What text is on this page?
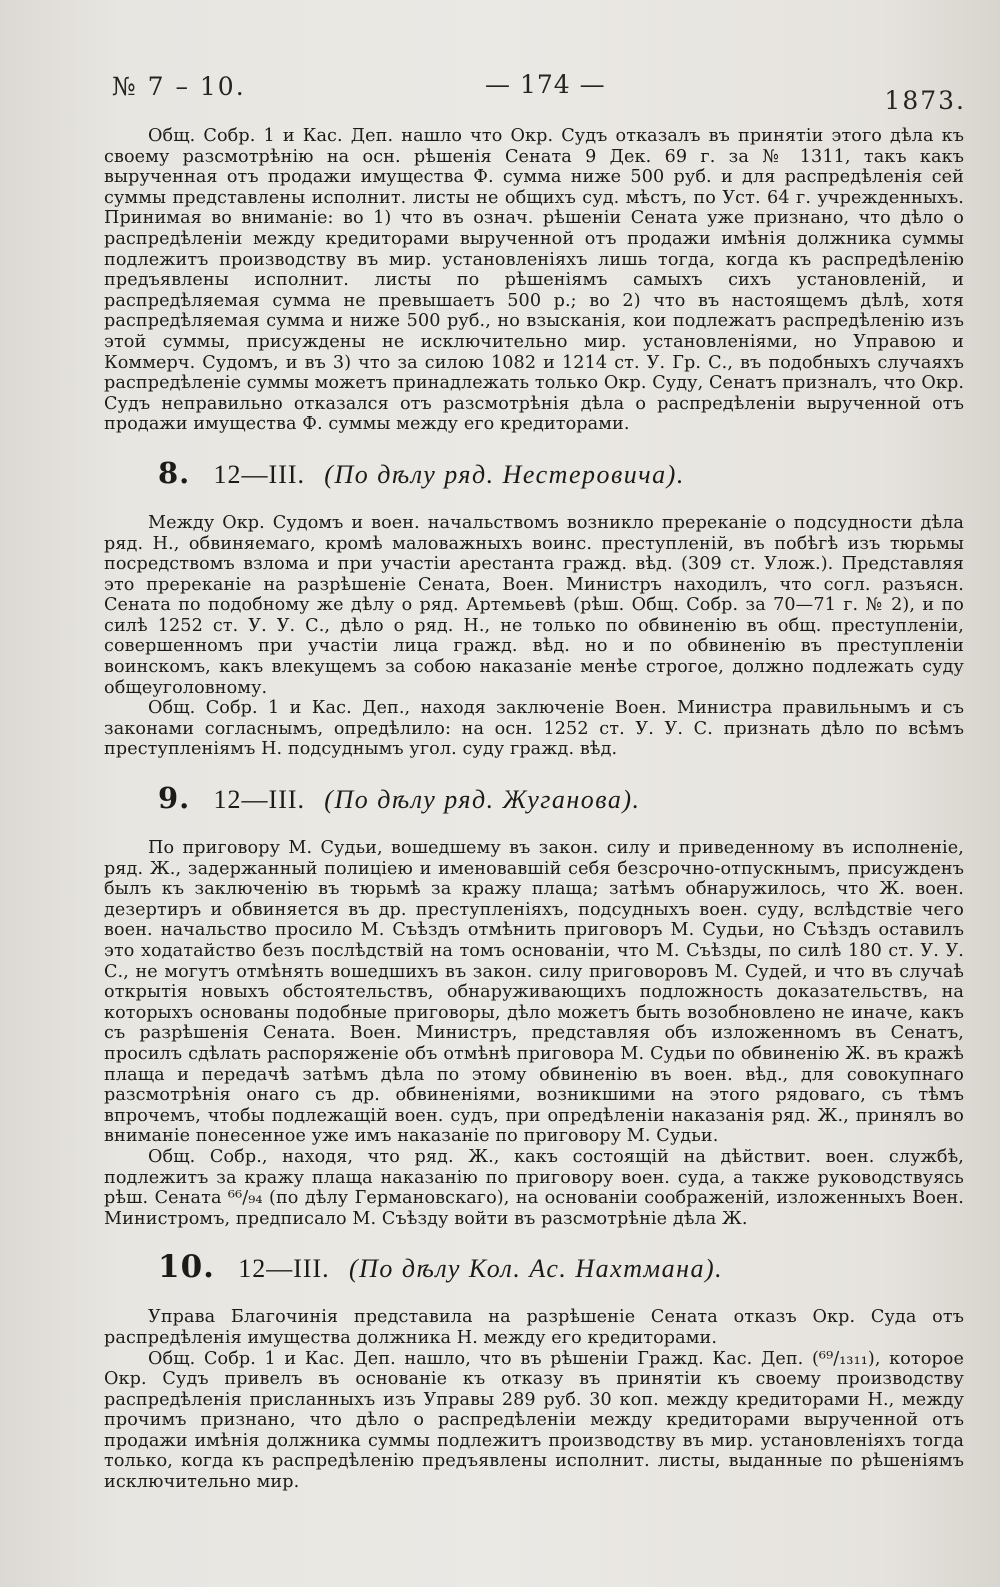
№ 7 – 10.	— 174 —
1873.

Общ. Собр. 1 и Кас. Деп. нашло что Окр. Судъ отказалъ въ принятіи этого дѣла къ своему разсмотрѣнію на осн. рѣшенія Сената 9 Дек. 69 г. за № 1311, такъ какъ вырученная отъ продажи имущества Ф. сумма ниже 500 руб. и для распредѣленія сей суммы представлены исполнит. листы не общихъ суд. мѣстъ, по Уст. 64 г. учрежденныхъ. Принимая во вниманіе: во 1) что въ означ. рѣшеніи Сената уже признано, что дѣло о распредѣленіи между кредиторами вырученной отъ продажи имѣнія должника суммы подлежитъ производству въ мир. установленіяхъ лишь тогда, когда къ распредѣленію предъявлены исполнит. листы по рѣшеніямъ самыхъ сихъ установленій, и распредѣляемая сумма не превышаетъ 500 р.; во 2) что въ настоящемъ дѣлѣ, хотя распредѣляемая сумма и ниже 500 руб., но взысканія, кои подлежатъ распредѣленію изъ этой суммы, присуждены не исключительно мир. установленіями, но Управою и Коммерч. Судомъ, и въ 3) что за силою 1082 и 1214 ст. У. Гр. С., въ подобныхъ случаяхъ распредѣленіе суммы можетъ принадлежать только Окр. Суду, Сенатъ призналъ, что Окр. Судъ неправильно отказался отъ разсмотрѣнія дѣла о распредѣленіи вырученной отъ продажи имущества Ф. суммы между его кредиторами.

8. 12—III. (По дѣлу ряд. Нестеровича).

Между Окр. Судомъ и воен. начальствомъ возникло пререканіе о подсудности дѣла ряд. Н., обвиняемаго, кромѣ маловажныхъ воинс. преступленій, въ побѣгѣ изъ тюрьмы посредствомъ взлома и при участіи арестанта гражд. вѣд. (309 ст. Улож.). Представляя это пререканіе на разрѣшеніе Сената, Воен. Министръ находилъ, что согл. разъясн. Сената по подобному же дѣлу о ряд. Артемьевѣ (рѣш. Общ. Собр. за 70—71 г. № 2), и по силѣ 1252 ст. У. У. С., дѣло о ряд. Н., не только по обвиненію въ общ. преступленіи, совершенномъ при участіи лица гражд. вѣд. но и по обвиненію въ преступленіи воинскомъ, какъ влекущемъ за собою наказаніе менѣе строгое, должно подлежать суду общеуголовному.

Общ. Собр. 1 и Кас. Деп., находя заключеніе Воен. Министра правильнымъ и съ законами согласнымъ, опредѣлило: на осн. 1252 ст. У. У. С. признать дѣло по всѣмъ преступленіямъ Н. подсуднымъ угол. суду гражд. вѣд.

9. 12—III. (По дѣлу ряд. Жуганова).

По приговору М. Судьи, вошедшему въ закон. силу и приведенному въ исполненіе, ряд. Ж., задержанный полиціею и именовавшій себя безсрочно-отпускнымъ, присужденъ былъ къ заключенію въ тюрьмѣ за кражу плаща; затѣмъ обнаружилось, что Ж. воен. дезертиръ и обвиняется въ др. преступленіяхъ, подсудныхъ воен. суду, вслѣдствіе чего воен. начальство просило М. Съѣздъ отмѣнить приговоръ М. Судьи, но Съѣздъ оставилъ это ходатайство безъ послѣдствій на томъ основаніи, что М. Съѣзды, по силѣ 180 ст. У. У. С., не могутъ отмѣнять вошедшихъ въ закон. силу приговоровъ М. Судей, и что въ случаѣ открытія новыхъ обстоятельствъ, обнаруживающихъ подложность доказательствъ, на которыхъ основаны подобные приговоры, дѣло можетъ быть возобновлено не иначе, какъ съ разрѣшенія Сената. Воен. Министръ, представляя объ изложенномъ въ Сенатъ, просилъ сдѣлать распоряженіе объ отмѣнѣ приговора М. Судьи по обвиненію Ж. въ кражѣ плаща и передачѣ затѣмъ дѣла по этому обвиненію въ воен. вѣд., для совокупнаго разсмотрѣнія онаго съ др. обвиненіями, возникшими на этого рядоваго, съ тѣмъ впрочемъ, чтобы подлежащій воен. судъ, при опредѣленіи наказанія ряд. Ж., принялъ во вниманіе понесенное уже имъ наказаніе по приговору М. Судьи.

Общ. Собр., находя, что ряд. Ж., какъ состоящій на дѣйствит. воен. службѣ, подлежитъ за кражу плаща наказанію по приговору воен. суда, а также руководствуясь рѣш. Сената ⁶⁶/₉₄ (по дѣлу Германовскаго), на основаніи соображеній, изложенныхъ Воен. Министромъ, предписало М. Съѣзду войти въ разсмотрѣніе дѣла Ж.

10. 12—III. (По дѣлу Кол. Ас. Нахтмана).

Управа Благочинія представила на разрѣшеніе Сената отказъ Окр. Суда отъ распредѣленія имущества должника Н. между его кредиторами.

Общ. Собр. 1 и Кас. Деп. нашло, что въ рѣшеніи Гражд. Кас. Деп. (⁶⁹/₁₃₁₁), которое Окр. Судъ привелъ въ основаніе къ отказу въ принятіи къ своему производству распредѣленія присланныхъ изъ Управы 289 руб. 30 коп. между кредиторами Н., между прочимъ признано, что дѣло о распредѣленіи между кредиторами вырученной отъ продажи имѣнія должника суммы подлежитъ производству въ мир. установленіяхъ тогда только, когда къ распредѣленію предъявлены исполнит. листы, выданные по рѣшеніямъ исключительно мир.
